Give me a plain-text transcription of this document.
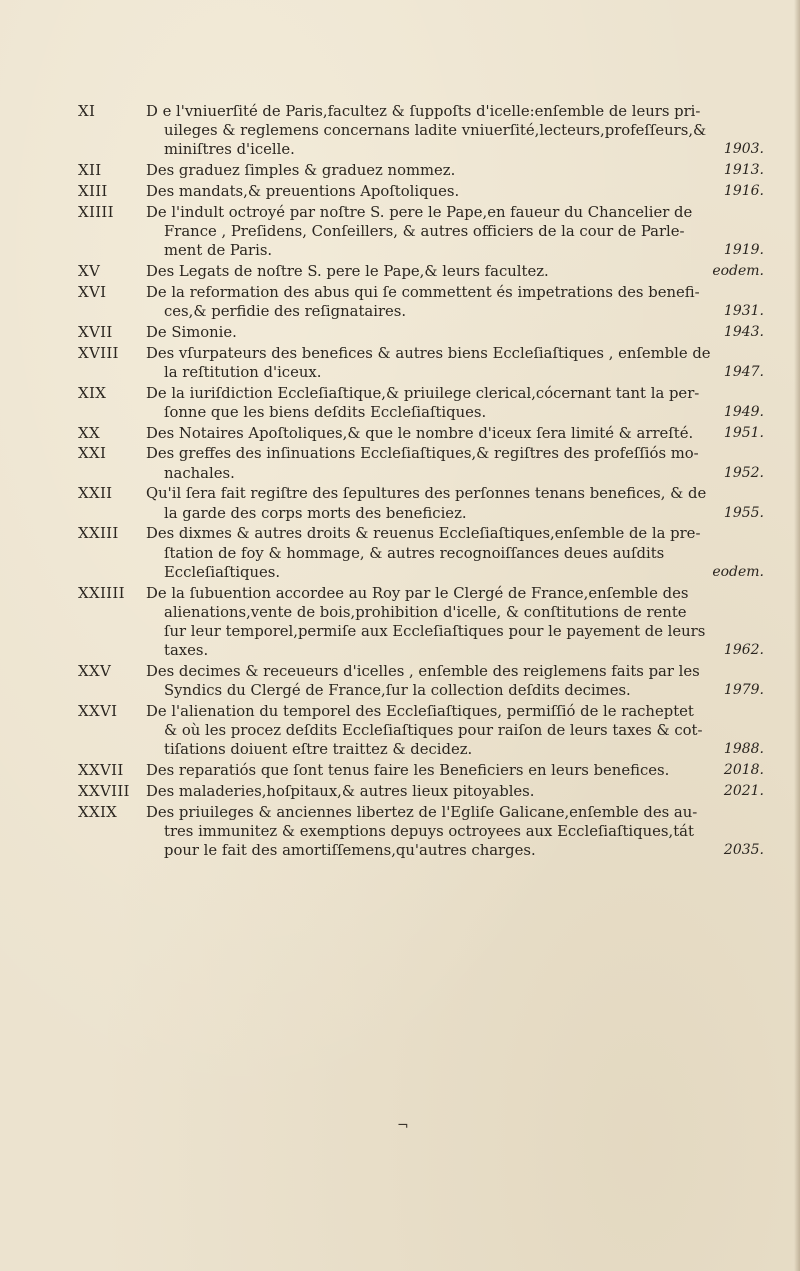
XI	D e l'vniuerſité de Paris,facultez & ſuppoſts d'icelle:enſemble de leurs pri-
uileges & reglemens concernans ladite vniuerſité,lecteurs,profeſſeurs,&
miniſtres d'icelle.	1903.
XII	Des graduez ſimples & graduez nommez.	1913.
XIII	Des mandats,& preuentions Apoſtoliques.	1916.
XIIII	De l'indult octroyé par noſtre S. pere le Pape,en faueur du Chancelier de
France , Preſidens, Conſeillers, & autres officiers de la cour de Parle-
ment de Paris.	1919.
XV	Des Legats de noſtre S. pere le Pape,& leurs facultez.	eodem.
XVI	De la reformation des abus qui ſe commettent és impetrations des benefi-
ces,& perfidie des reſignataires.	1931.
XVII	De Simonie.	1943.
XVIII	Des vſurpateurs des benefices & autres biens Eccleſiaſtiques , enſemble de
la reſtitution d'iceux.	1947.
XIX	De la iuriſdiction Eccleſiaſtique,& priuilege clerical,cócernant tant la per-
ſonne que les biens deſdits Eccleſiaſtiques.	1949.
XX	Des Notaires Apoſtoliques,& que le nombre d'iceux ſera limité & arreſté.	1951.
XXI	Des greffes des inſinuations Eccleſiaſtiques,& regiſtres des profeſſiós mo-
nachales.	1952.
XXII	Qu'il ſera fait regiſtre des ſepultures des perſonnes tenans benefices, & de
la garde des corps morts des beneficiez.	1955.
XXIII	Des dixmes & autres droits & reuenus Eccleſiaſtiques,enſemble de la pre-
ſtation de foy & hommage, & autres recognoiſſances deues auſdits
Eccleſiaſtiques.	eodem.
XXIIII	De la ſubuention accordee au Roy par le Clergé de France,enſemble des
alienations,vente de bois,prohibition d'icelle, & conſtitutions de rente
ſur leur temporel,permiſe aux Eccleſiaſtiques pour le payement de leurs
taxes.	1962.
XXV	Des decimes & receueurs d'icelles , enſemble des reiglemens faits par les
Syndics du Clergé de France,ſur la collection deſdits decimes.	1979.
XXVI	De l'alienation du temporel des Eccleſiaſtiques, permiſſió de le racheptet
& où les procez deſdits Eccleſiaſtiques pour raiſon de leurs taxes & cot-
tiſations doiuent eſtre traittez & decidez.	1988.
XXVII	Des reparatiós que ſont tenus faire les Beneficiers en leurs benefices.	2018.
XXVIII	Des maladeries,hoſpitaux,& autres lieux pitoyables.	2021.
XXIX	Des priuileges & anciennes libertez de l'Egliſe Galicane,enſemble des au-
tres immunitez & exemptions depuys octroyees aux Eccleſiaſtiques,tát
pour le fait des amortiſſemens,qu'autres charges.	2035.
¬
